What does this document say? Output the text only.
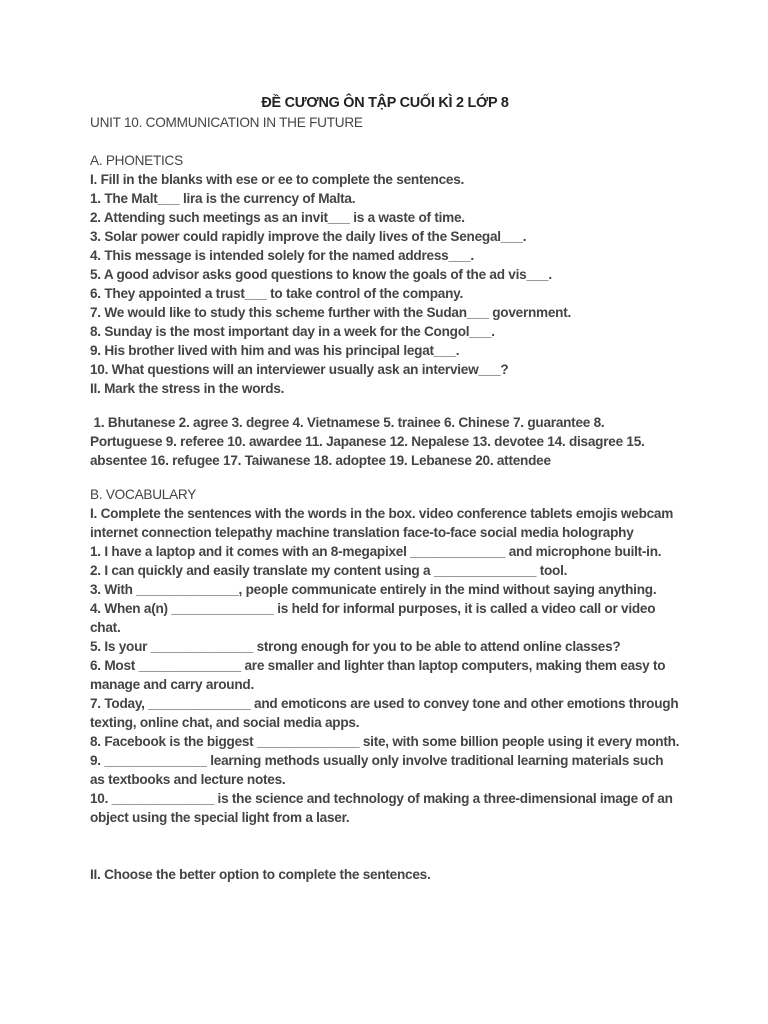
ĐỀ CƯƠNG ÔN TẬP CUỐI KÌ 2 LỚP 8
UNIT 10. COMMUNICATION IN THE FUTURE
A. PHONETICS
I. Fill in the blanks with ese or ee to complete the sentences.
1. The Malt___ lira is the currency of Malta.
2. Attending such meetings as an invit___ is a waste of time.
3. Solar power could rapidly improve the daily lives of the Senegal___.
4. This message is intended solely for the named address___.
5. A good advisor asks good questions to know the goals of the ad vis___.
6. They appointed a trust___ to take control of the company.
7. We would like to study this scheme further with the Sudan___ government.
8. Sunday is the most important day in a week for the Congol___.
9. His brother lived with him and was his principal legat___.
10. What questions will an interviewer usually ask an interview___?
II. Mark the stress in the words.
1. Bhutanese 2. agree 3. degree 4. Vietnamese 5. trainee 6. Chinese 7. guarantee 8. Portuguese 9. referee 10. awardee 11. Japanese 12. Nepalese 13. devotee 14. disagree 15. absentee 16. refugee 17. Taiwanese 18. adoptee 19. Lebanese 20. attendee
B. VOCABULARY
I. Complete the sentences with the words in the box. video conference tablets emojis webcam internet connection telepathy machine translation face-to-face social media holography
1. I have a laptop and it comes with an 8-megapixel _____________ and microphone built-in.
2. I can quickly and easily translate my content using a ______________ tool.
3. With ______________, people communicate entirely in the mind without saying anything.
4. When a(n) ______________ is held for informal purposes, it is called a video call or video chat.
5. Is your ______________ strong enough for you to be able to attend online classes?
6. Most ______________ are smaller and lighter than laptop computers, making them easy to manage and carry around.
7. Today, ______________ and emoticons are used to convey tone and other emotions through texting, online chat, and social media apps.
8. Facebook is the biggest ______________ site, with some billion people using it every month.
9. ______________ learning methods usually only involve traditional learning materials such as textbooks and lecture notes.
10. ______________ is the science and technology of making a three-dimensional image of an object using the special light from a laser.
II. Choose the better option to complete the sentences.
